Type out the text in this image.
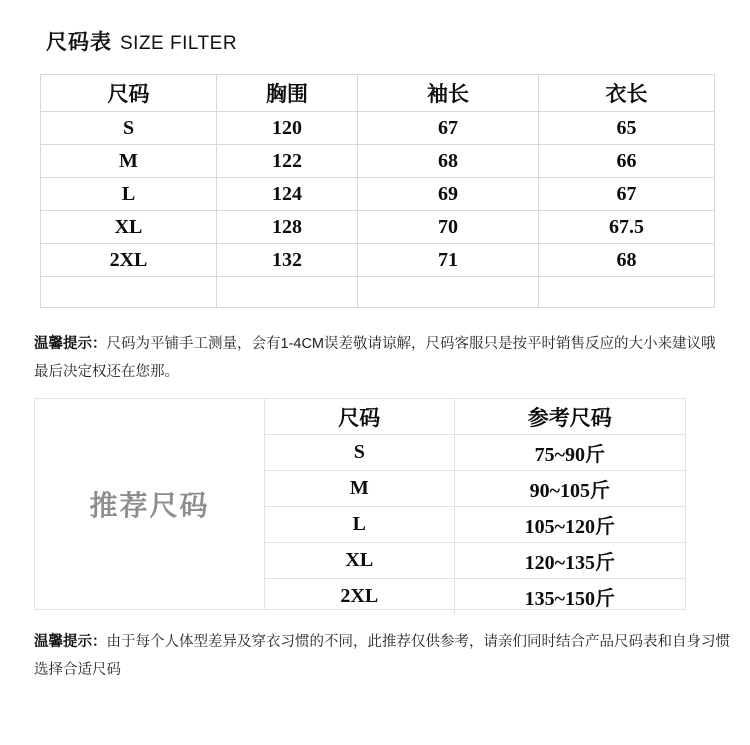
尺码表 SIZE FILTER
尺码	胸围	袖长	衣长
S	120	67	65
M	122	68	66
L	124	69	67
XL	128	70	67.5
2XL	132	71	68

温馨提示：尺码为平铺手工测量，会有1-4CM误差敬请谅解，尺码客服只是按平时销售反应的大小来建议哦最后决定权还在您那。
推荐尺码
尺码	参考尺码
S	75~90斤
M	90~105斤
L	105~120斤
XL	120~135斤
2XL	135~150斤
温馨提示：由于每个人体型差异及穿衣习惯的不同，此推荐仅供参考，请亲们同时结合产品尺码表和自身习惯选择合适尺码
